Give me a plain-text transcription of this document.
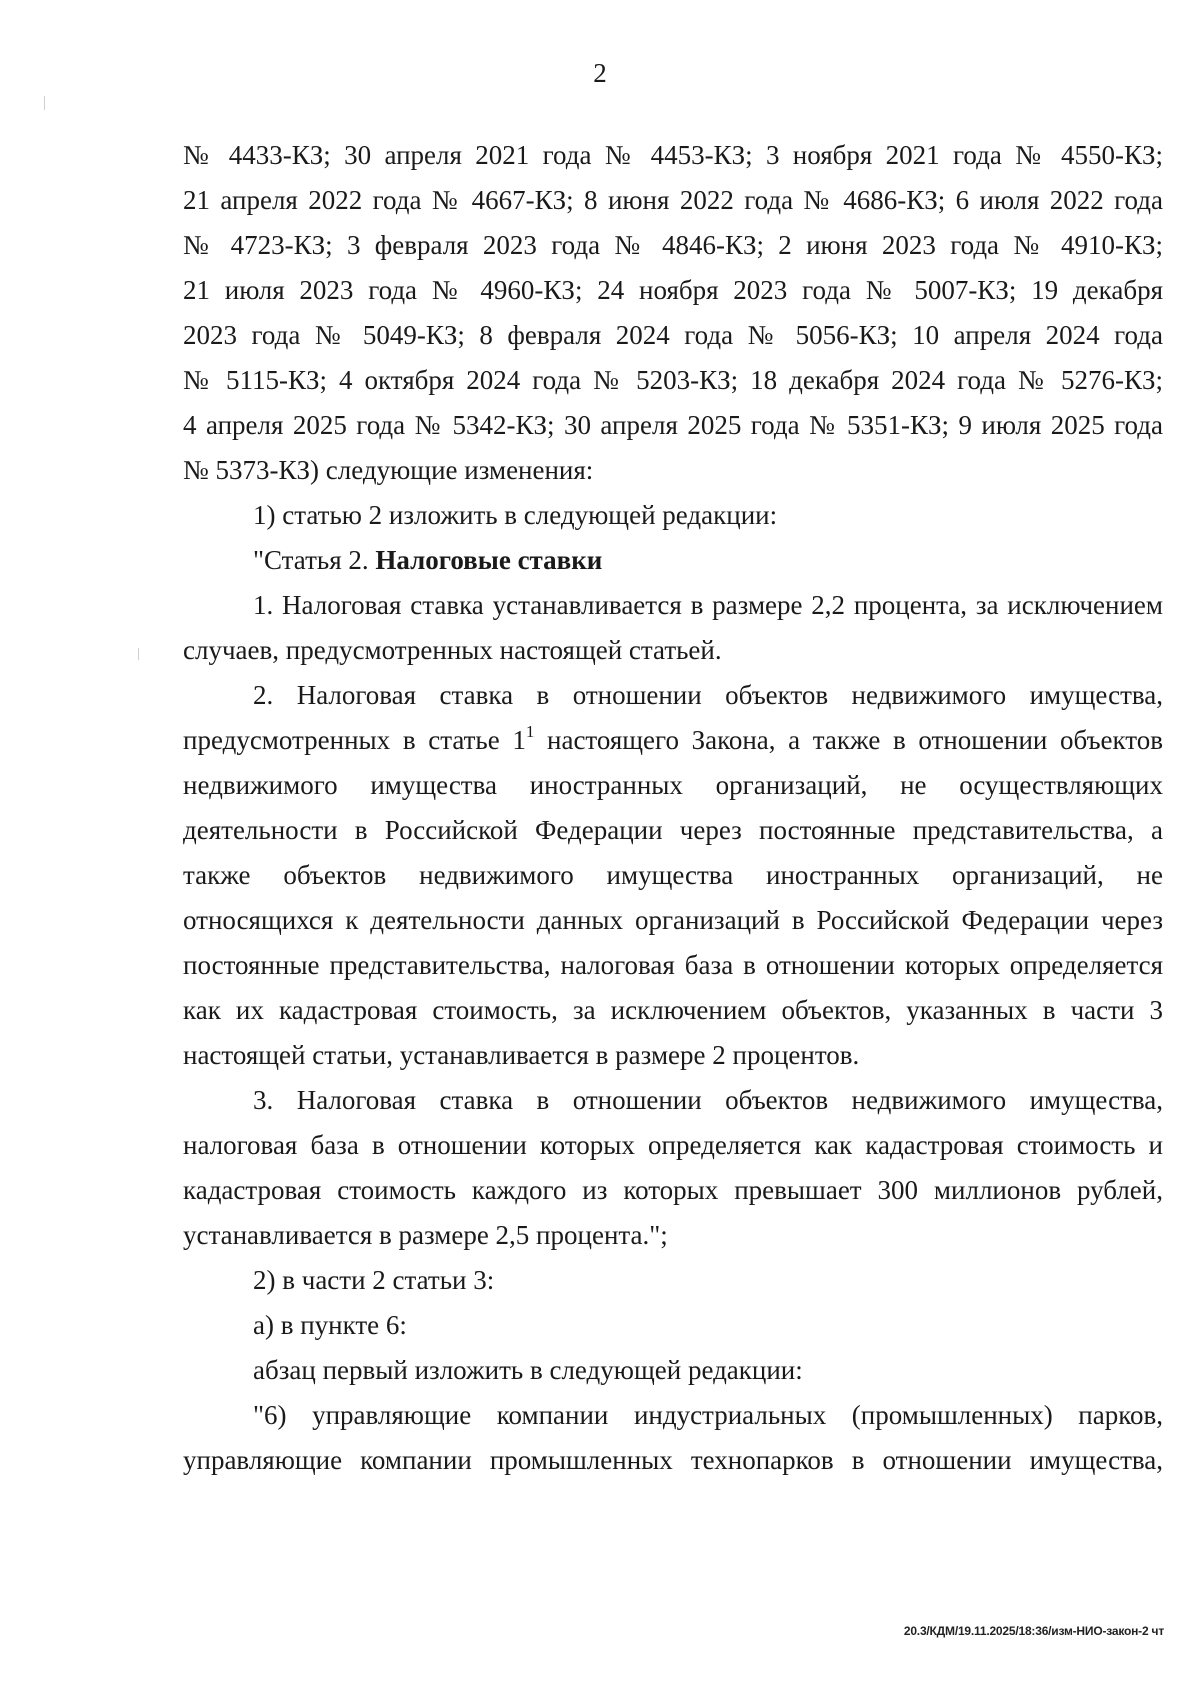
2

№ 4433-КЗ; 30 апреля 2021 года № 4453-КЗ; 3 ноября 2021 года № 4550-КЗ;

21 апреля 2022 года № 4667-КЗ; 8 июня 2022 года № 4686-КЗ; 6 июля 2022 года

№ 4723-КЗ; 3 февраля 2023 года № 4846-КЗ; 2 июня 2023 года № 4910-КЗ;

21 июля 2023 года № 4960-КЗ; 24 ноября 2023 года № 5007-КЗ; 19 декабря

2023 года № 5049-КЗ; 8 февраля 2024 года № 5056-КЗ; 10 апреля 2024 года

№ 5115-КЗ; 4 октября 2024 года № 5203-КЗ; 18 декабря 2024 года № 5276-КЗ;

4 апреля 2025 года № 5342-КЗ; 30 апреля 2025 года № 5351-КЗ; 9 июля 2025 года

№ 5373-КЗ) следующие изменения:

1) статью 2 изложить в следующей редакции:

"Статья 2. Налоговые ставки

1. Налоговая ставка устанавливается в размере 2,2 процента, за исключением случаев, предусмотренных настоящей статьей.

2. Налоговая ставка в отношении объектов недвижимого имущества, предусмотренных в статье $1^1$ настоящего Закона, а также в отношении объектов недвижимого имущества иностранных организаций, не осуществляющих деятельности в Российской Федерации через постоянные представительства, а также объектов недвижимого имущества иностранных организаций, не относящихся к деятельности данных организаций в Российской Федерации через постоянные представительства, налоговая база в отношении которых определяется как их кадастровая стоимость, за исключением объектов, указанных в части 3 настоящей статьи, устанавливается в размере 2 процентов.

3. Налоговая ставка в отношении объектов недвижимого имущества, налоговая база в отношении которых определяется как кадастровая стоимость и кадастровая стоимость каждого из которых превышает 300 миллионов рублей, устанавливается в размере 2,5 процента.";

2) в части 2 статьи 3:

а) в пункте 6:

абзац первый изложить в следующей редакции:

"6) управляющие компании индустриальных (промышленных) парков,

управляющие компании промышленных технопарков в отношении имущества,

20.3/КДМ/19.11.2025/18:36/изм-НИО-закон-2 чт
